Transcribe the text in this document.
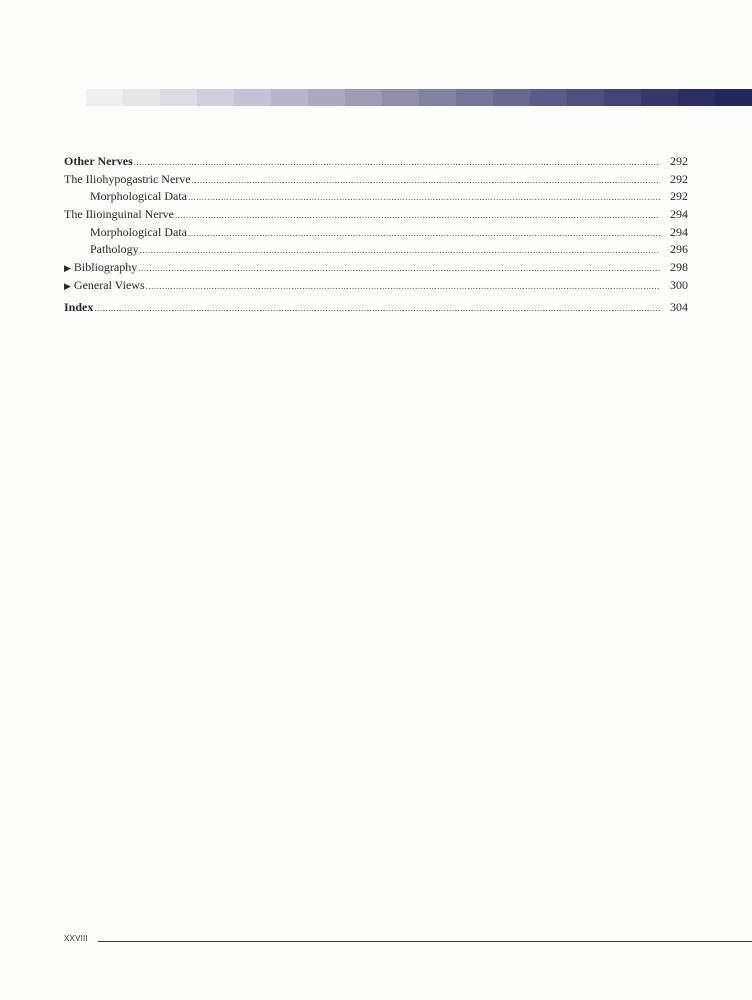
Other Nerves .....	292
The Iliohypogastric Nerve .....	292
Morphological Data .....	292
The Ilioinguinal Nerve .....	294
Morphological Data .....	294
Pathology .....	296
▶ Bibliography .....	298
▶ General Views .....	300
Index .....	304
XXVIII
